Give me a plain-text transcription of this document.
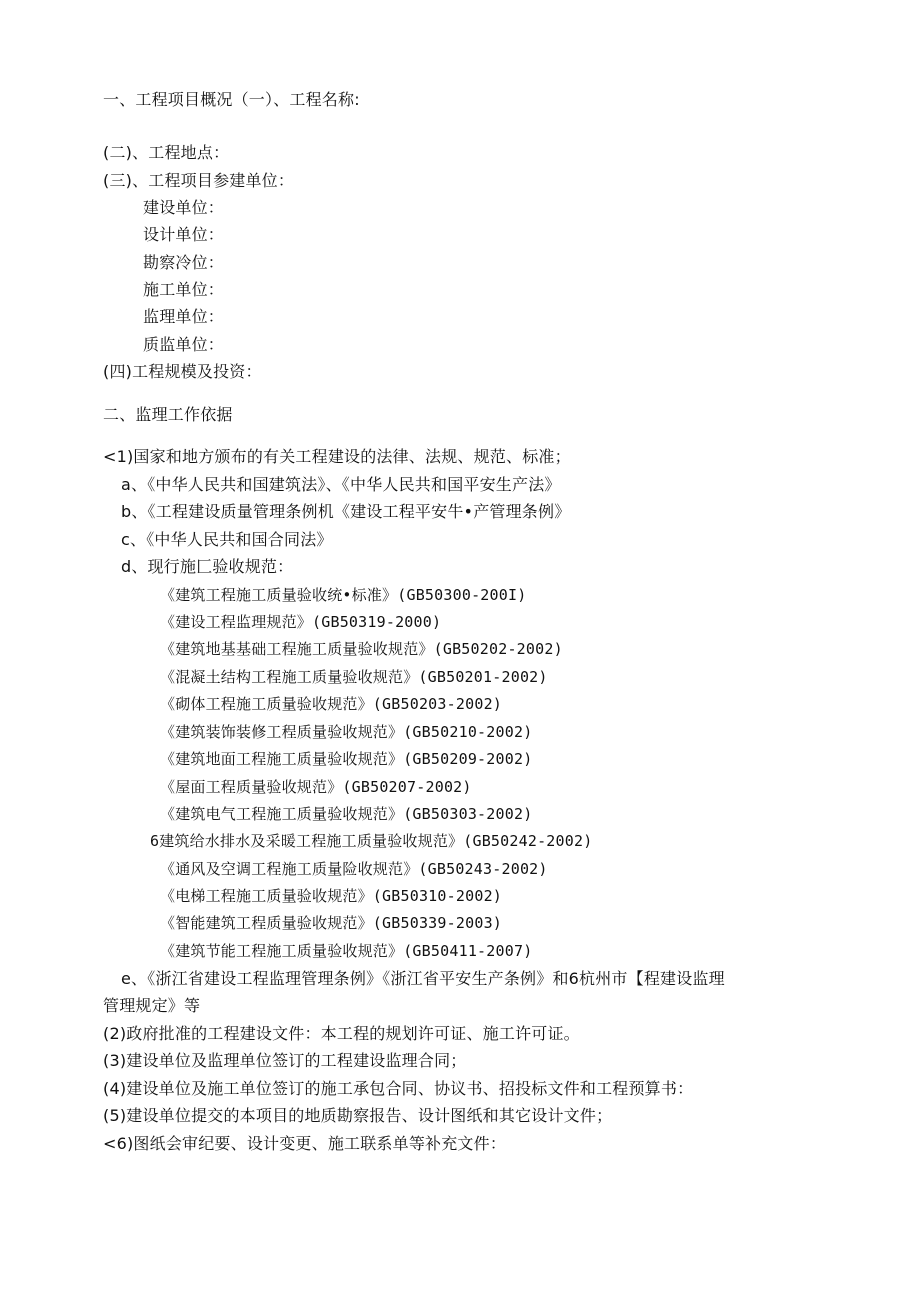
一、工程项目概况（一）、工程名称:
(二)、工程地点：
(三)、工程项目参建单位：
建设单位：
设计单位：
勘察冷位：
施工单位：
监理单位：
质监单位：
(四)工程规模及投资：
二、监理工作依据
<1)国家和地方颁布的有关工程建设的法律、法规、规范、标准；
a、《中华人民共和国建筑法》、《中华人民共和国平安生产法》
b、《工程建设质量管理条例机《建设工程平安牛•产管理条例》
c、《中华人民共和国合同法》
d、现行施匚验收规范：
《建筑工程施工质量验收统•标准》(GB50300-200I)
《建设工程监理规范》(GB50319-2000)
《建筑地基基础工程施工质量验收规范》(GB50202-2002)
《混凝土结构工程施工质量验收规范》(GB50201-2002)
《砌体工程施工质量验收规范》(GB50203-2002)
《建筑装饰装修工程质量验收规范》(GB50210-2002)
《建筑地面工程施工质量验收规范》(GB50209-2002)
《屋面工程质量验收规范》(GB50207-2002)
《建筑电气工程施工质量验收规范》(GB50303-2002)
6建筑给水排水及采暖工程施工质量验收规范》(GB50242-2002)
《通风及空调工程施工质量险收规范》(GB50243-2002)
《电梯工程施工质量验收规范》(GB50310-2002)
《智能建筑工程质量验收规范》(GB50339-2003)
《建筑节能工程施工质量验收规范》(GB50411-2007)
e、《浙江省建设工程监理管理条例》《浙江省平安生产条例》和6杭州市【程建设监理
管理规定》等
(2)政府批准的工程建设文件：本工程的规划许可证、施工许可证。
(3)建设单位及监理单位签订的工程建设监理合同；
(4)建设单位及施工单位签订的施工承包合同、协议书、招投标文件和工程预算书：
(5)建设单位提交的本项目的地质勘察报告、设计图纸和其它设计文件；
<6)图纸会审纪要、设计变更、施工联系单等补充文件：
